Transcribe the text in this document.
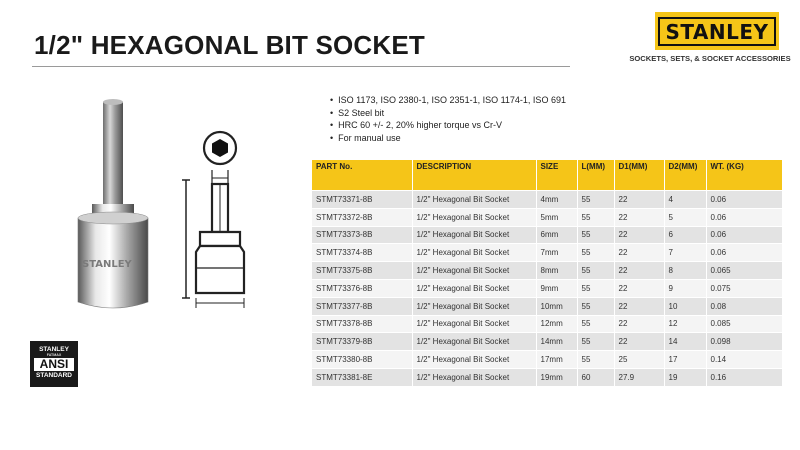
1/2" HEXAGONAL BIT SOCKET	STANLEY
SOCKETS, SETS, & SOCKET ACCESSORIES
STANLEY
• ISO 1173, ISO 2380-1, ISO 2351-1, ISO 1174-1, ISO 691
• S2 Steel bit
• HRC 60 +/- 2, 20% higher torque vs Cr-V
• For manual use
PART No.	DESCRIPTION	SIZE	L(MM)	D1(MM)	D2(MM)	WT. (KG)
STMT73371-8B	1/2" Hexagonal Bit Socket	4mm	55	22	4	0.06
STMT73372-8B	1/2" Hexagonal Bit Socket	5mm	55	22	5	0.06
STMT73373-8B	1/2" Hexagonal Bit Socket	6mm	55	22	6	0.06
STMT73374-8B	1/2" Hexagonal Bit Socket	7mm	55	22	7	0.06
STMT73375-8B	1/2" Hexagonal Bit Socket	8mm	55	22	8	0.065
STMT73376-8B	1/2" Hexagonal Bit Socket	9mm	55	22	9	0.075
STMT73377-8B	1/2" Hexagonal Bit Socket	10mm	55	22	10	0.08
STMT73378-8B	1/2" Hexagonal Bit Socket	12mm	55	22	12	0.085
STMT73379-8B	1/2" Hexagonal Bit Socket	14mm	55	22	14	0.098
STMT73380-8B	1/2" Hexagonal Bit Socket	17mm	55	25	17	0.14
STMT73381-8E	1/2" Hexagonal Bit Socket	19mm	60	27.9	19	0.16
STANLEY
FATMAX
ANSI
STANDARD
